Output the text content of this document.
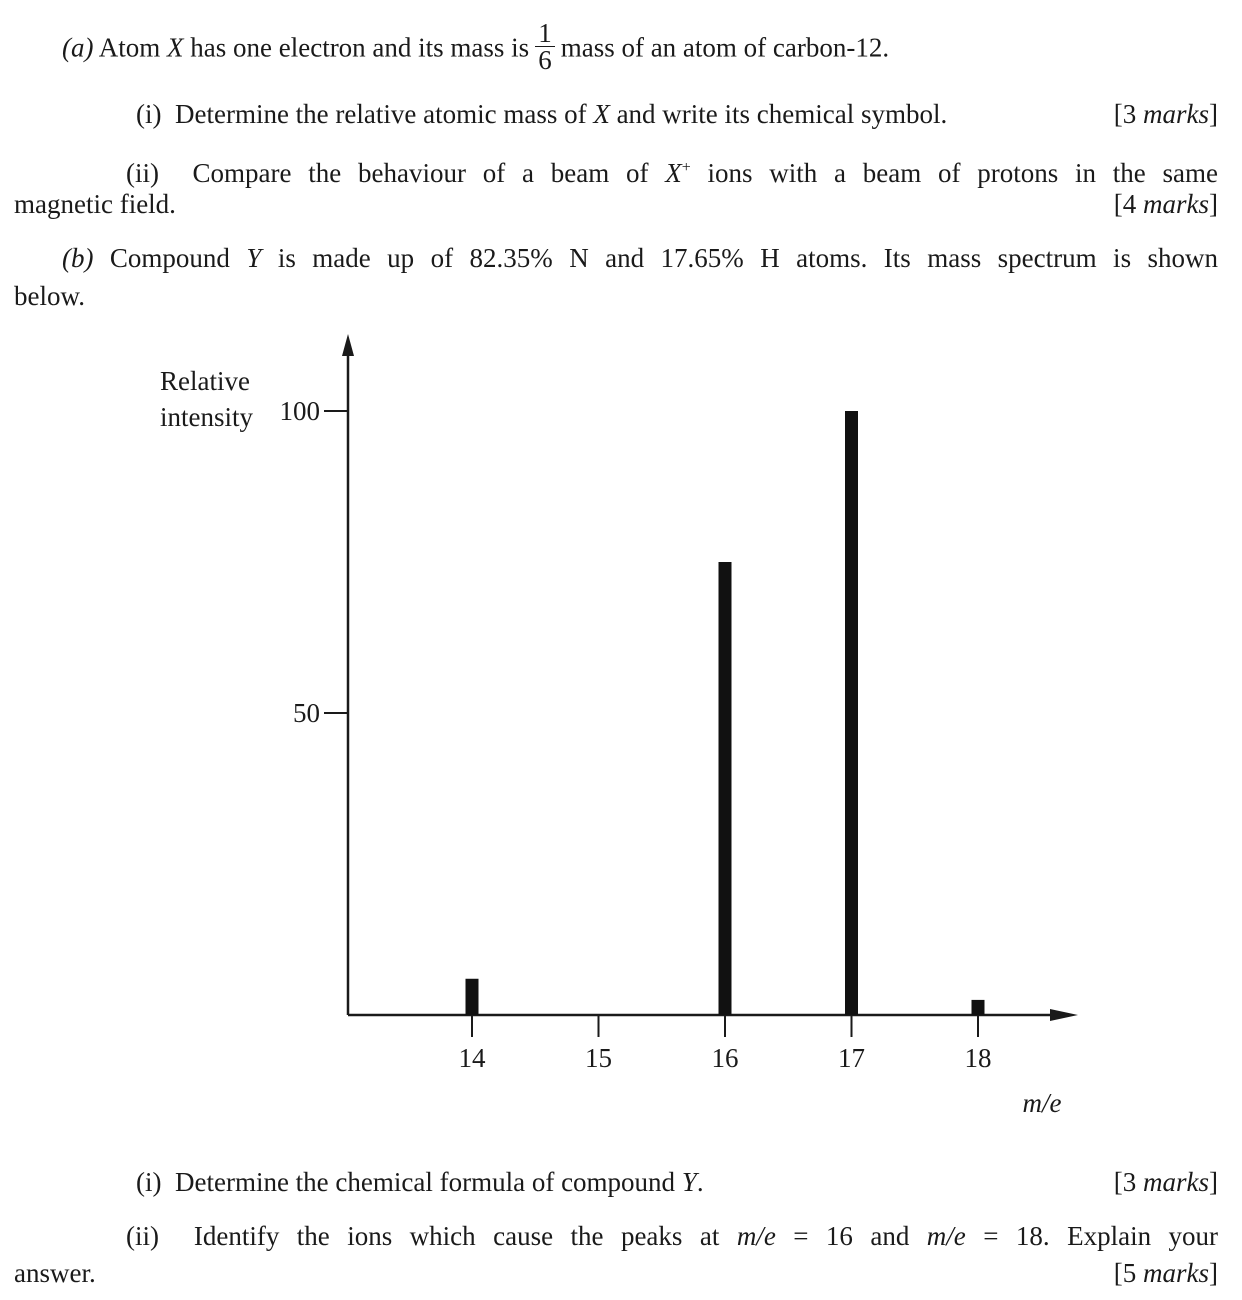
(a) Atom X has one electron and its mass is $\frac{1}{6}$ mass of an atom of carbon-12.
(i) Determine the relative atomic mass of X and write its chemical symbol.	[3 marks]
(ii) Compare the behaviour of a beam of X+ ions with a beam of protons in the same
magnetic field.	[4 marks]
(b) Compound Y is made up of 82.35% N and 17.65% H atoms. Its mass spectrum is shown
below.
Relative
intensity
50
100
14	15	16	17	18
m/e
(i) Determine the chemical formula of compound Y.	[3 marks]
(ii) Identify the ions which cause the peaks at m/e = 16 and m/e = 18. Explain your
answer.	[5 marks]
